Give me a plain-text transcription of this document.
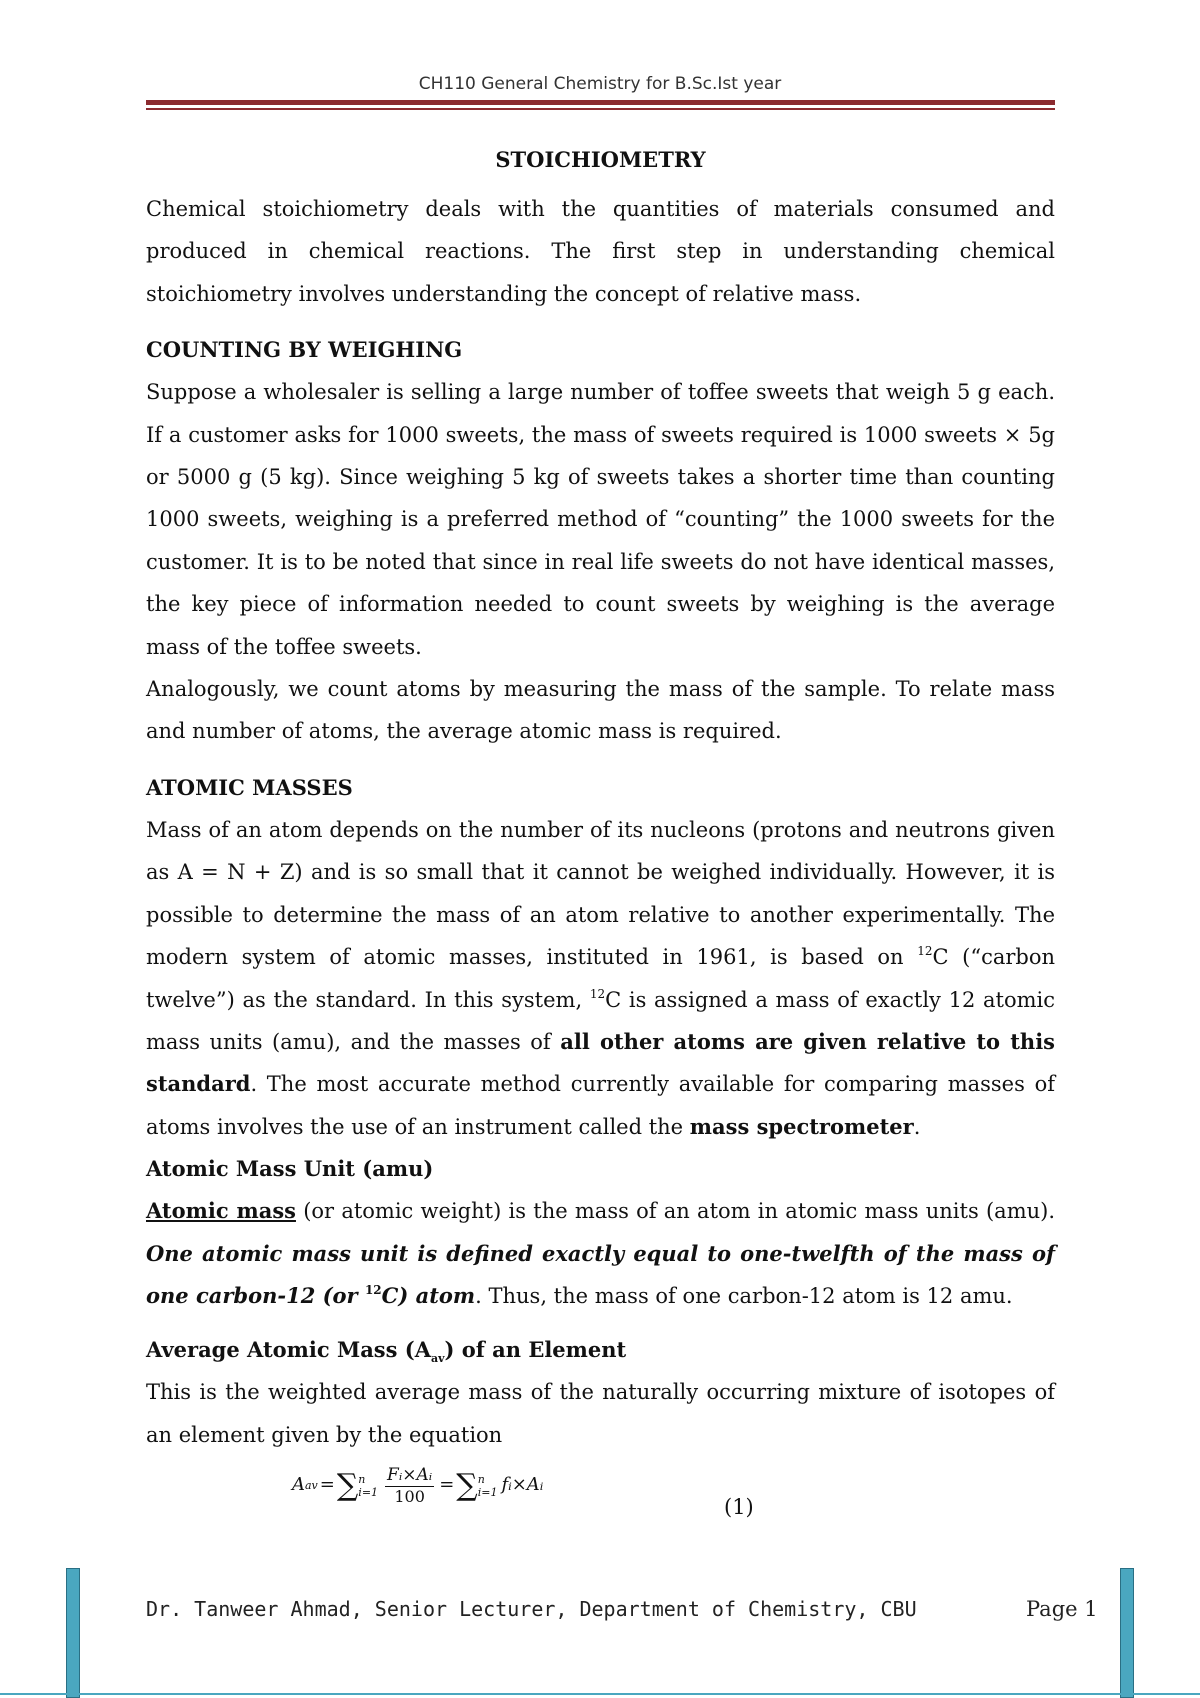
CH110 General Chemistry for B.Sc.Ist year
STOICHIOMETRY

Chemical stoichiometry deals with the quantities of materials consumed and produced in chemical reactions. The first step in understanding chemical stoichiometry involves understanding the concept of relative mass.

COUNTING BY WEIGHING

Suppose a wholesaler is selling a large number of toffee sweets that weigh 5 g each. If a customer asks for 1000 sweets, the mass of sweets required is 1000 sweets × 5g or 5000 g (5 kg). Since weighing 5 kg of sweets takes a shorter time than counting 1000 sweets, weighing is a preferred method of “counting” the 1000 sweets for the customer. It is to be noted that since in real life sweets do not have identical masses, the key piece of information needed to count sweets by weighing is the average mass of the toffee sweets.

Analogously, we count atoms by measuring the mass of the sample. To relate mass and number of atoms, the average atomic mass is required.

ATOMIC MASSES

Mass of an atom depends on the number of its nucleons (protons and neutrons given as A = N + Z) and is so small that it cannot be weighed individually. However, it is possible to determine the mass of an atom relative to another experimentally. The modern system of atomic masses, instituted in 1961, is based on $^{12}$C (“carbon twelve”) as the standard. In this system, $^{12}$C is assigned a mass of exactly 12 atomic mass units (amu), and the masses of all other atoms are given relative to this standard. The most accurate method currently available for comparing masses of atoms involves the use of an instrument called the mass spectrometer.

Atomic Mass Unit (amu)

Atomic mass (or atomic weight) is the mass of an atom in atomic mass units (amu). One atomic mass unit is defined exactly equal to one-twelfth of the mass of one carbon-12 (or $^{12}$C) atom. Thus, the mass of one carbon-12 atom is 12 amu.

Average Atomic Mass $(A_{av})$ of an Element

This is the weighted average mass of the naturally occurring mixture of isotopes of an element given by the equation

A av = ∑ n
$i=1 \frac{\text{Fᵢ×Aᵢ}}{100}$ = ∑ n
i=1 fᵢ×Aᵢ
(1)
Dr. Tanweer Ahmad, Senior Lecturer, Department of Chemistry, CBU	Page 1
